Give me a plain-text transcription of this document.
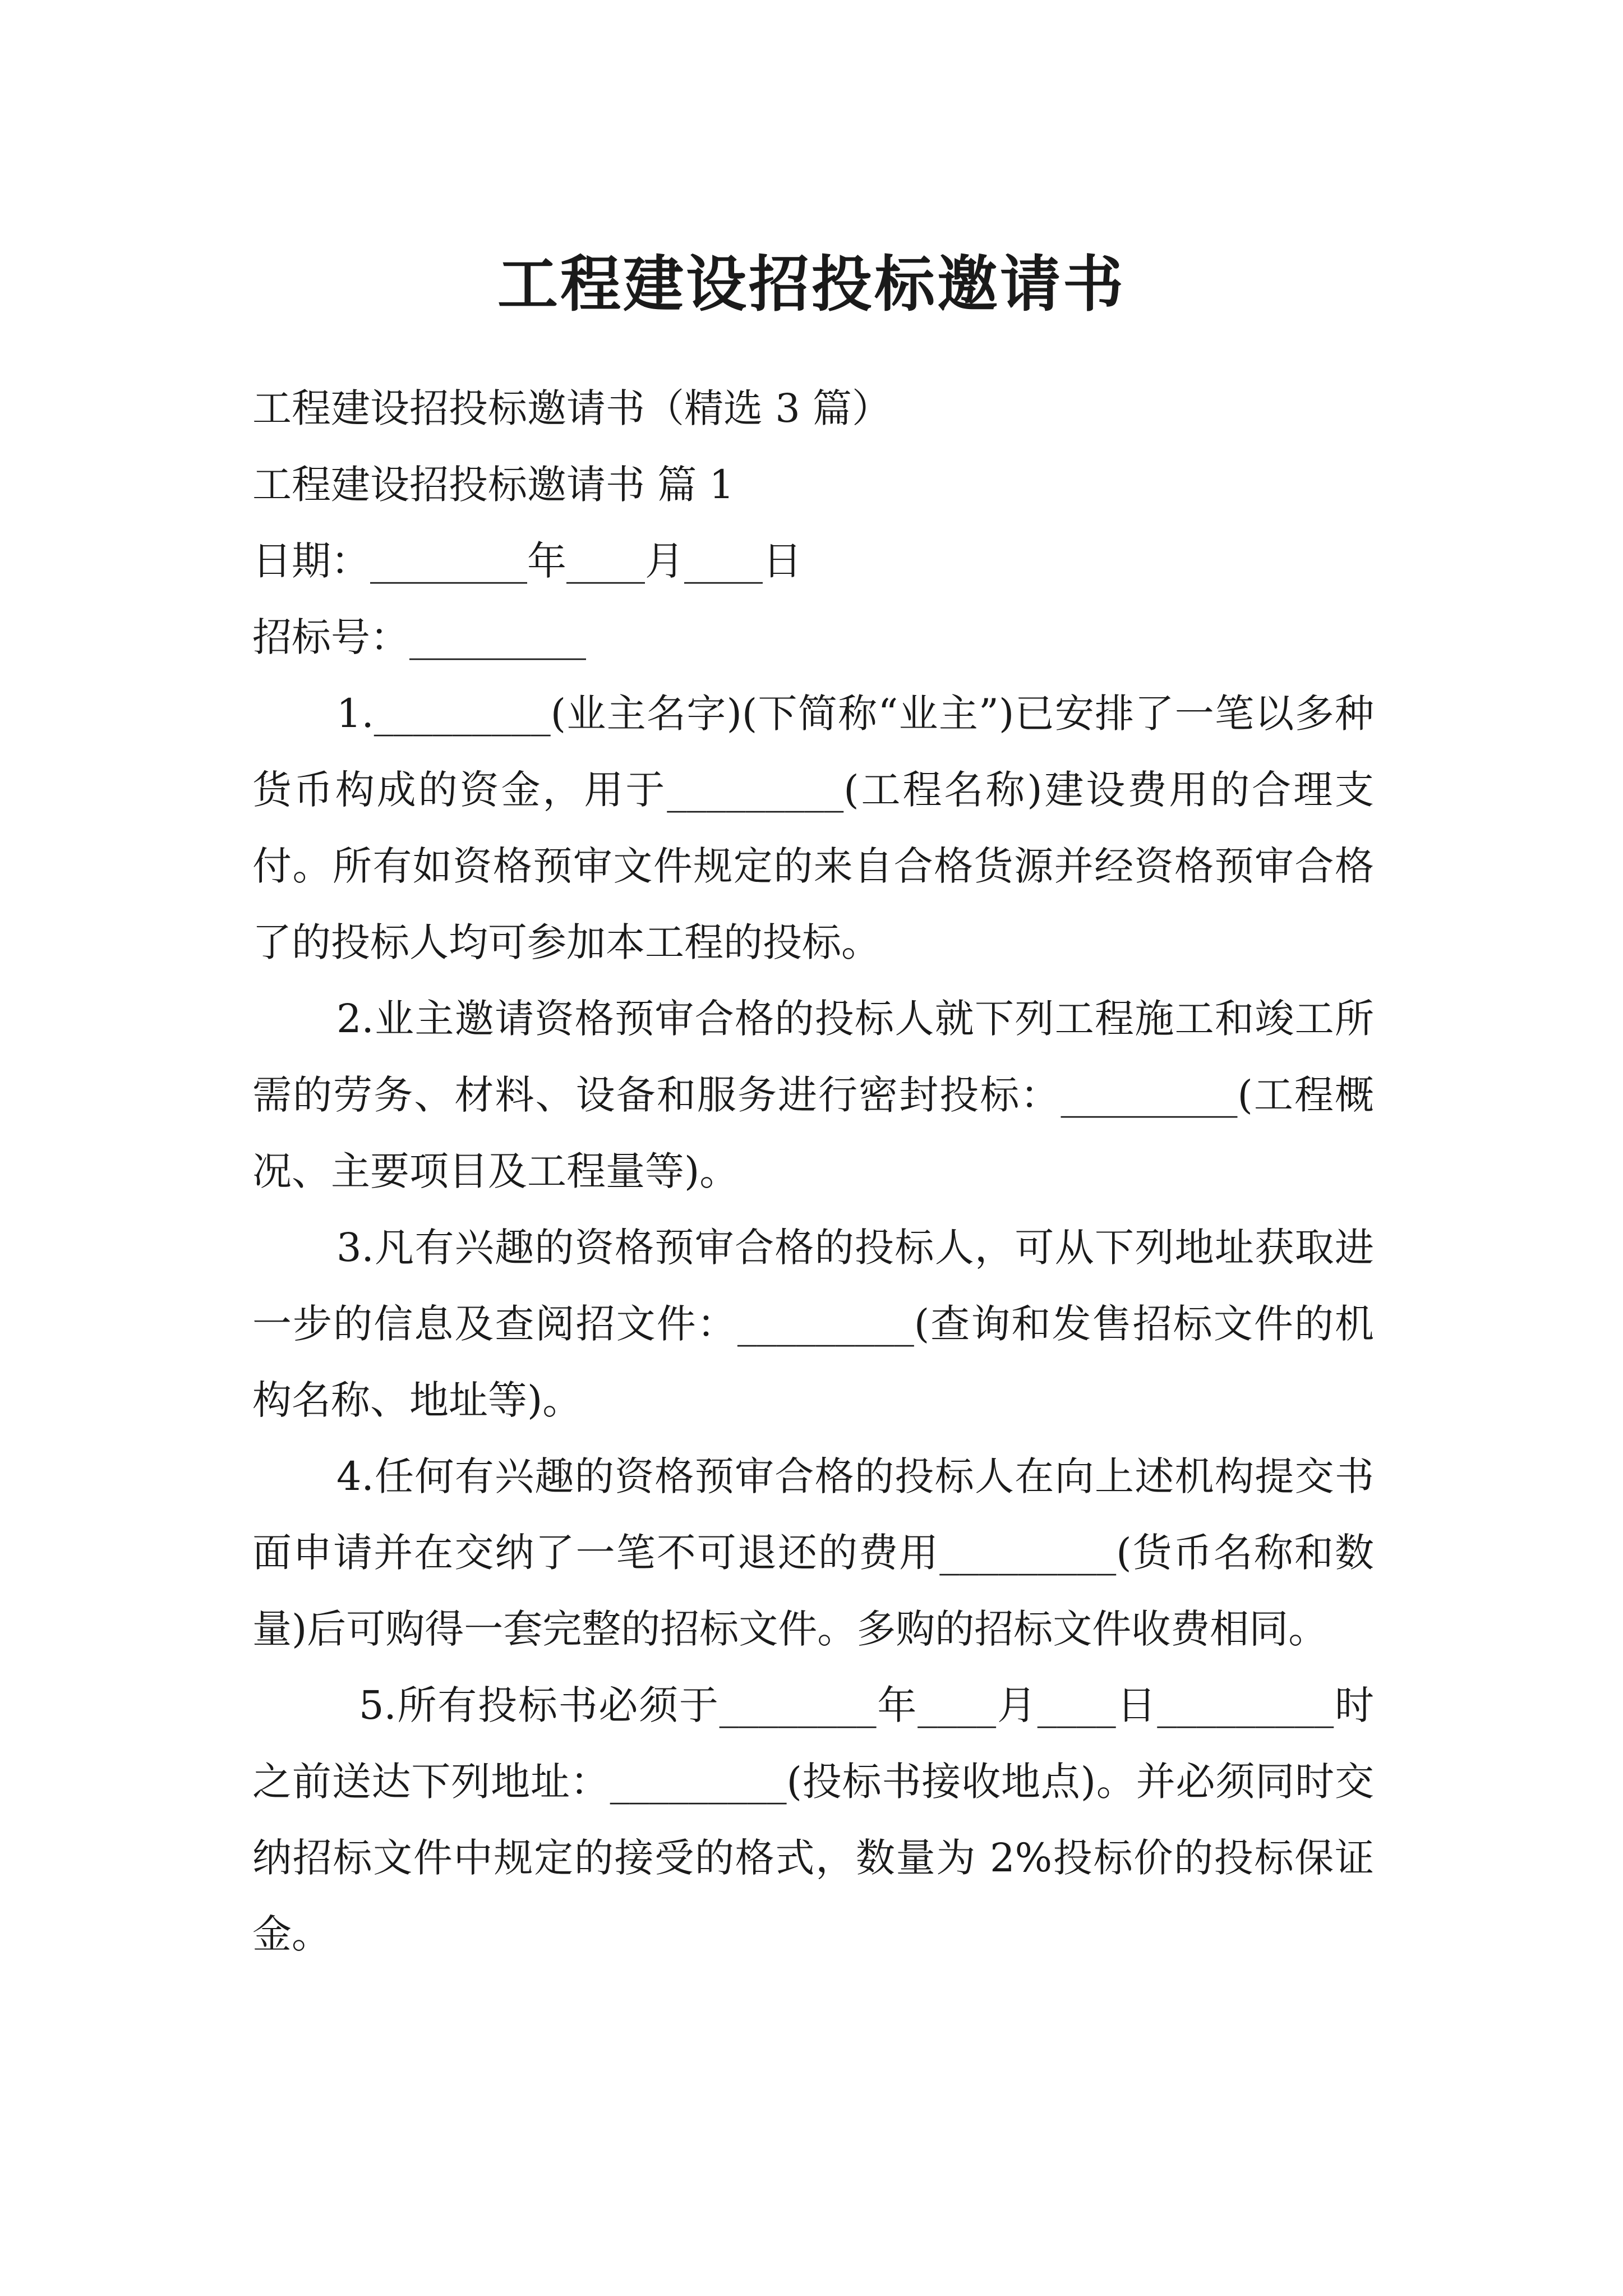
工程建设招投标邀请书

工程建设招投标邀请书（精选 3 篇）

工程建设招投标邀请书 篇 1

日期：________年____月____日

招标号：_________

1._________(业主名字)(下简称“业主”)已安排了一笔以多种货币构成的资金，用于_________(工程名称)建设费用的合理支付。所有如资格预审文件规定的来自合格货源并经资格预审合格了的投标人均可参加本工程的投标。

2.业主邀请资格预审合格的投标人就下列工程施工和竣工所需的劳务、材料、设备和服务进行密封投标：_________(工程概况、主要项目及工程量等)。

3.凡有兴趣的资格预审合格的投标人，可从下列地址获取进一步的信息及查阅招文件：_________(查询和发售招标文件的机构名称、地址等)。

4.任何有兴趣的资格预审合格的投标人在向上述机构提交书面申请并在交纳了一笔不可退还的费用_________(货币名称和数量)后可购得一套完整的招标文件。多购的招标文件收费相同。

5.所有投标书必须于________年____月____日_________时之前送达下列地址：_________(投标书接收地点)。并必须同时交纳招标文件中规定的接受的格式，数量为 2%投标价的投标保证金。
